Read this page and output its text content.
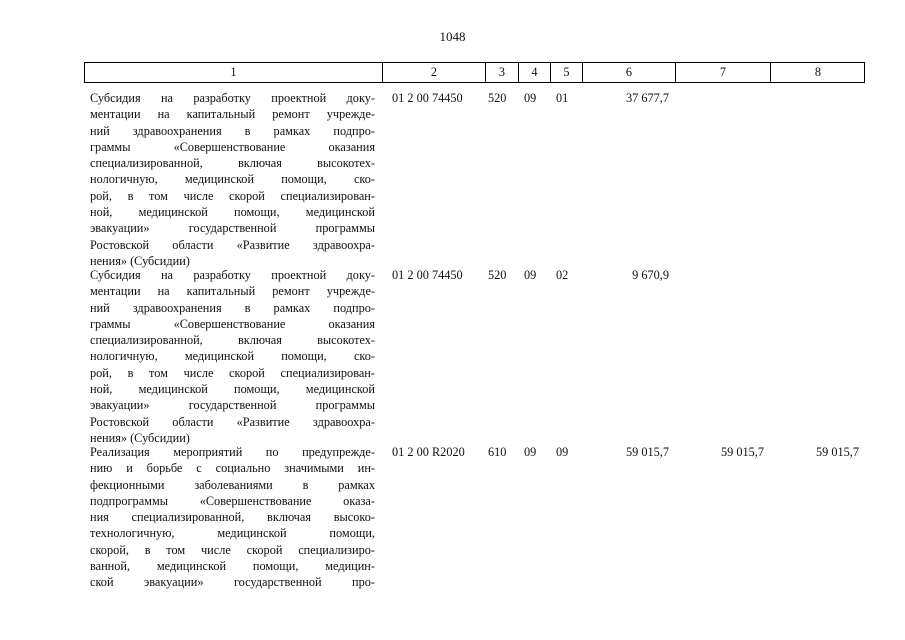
1048
1	2	3	4	5	6	7	8
Субсидия на разработку проектной доку-
ментации на капитальный ремонт учрежде-
ний здравоохранения в рамках подпро-
граммы «Совершенствование оказания
специализированной, включая высокотех-
нологичную, медицинской помощи, ско-
рой, в том числе скорой специализирован-
ной, медицинской помощи, медицинской
эвакуации» государственной программы
Ростовской области «Развитие здравоохра-
нения» (Субсидии)
01 2 00 74450	520	09	01	37 677,7
Субсидия на разработку проектной доку-
ментации на капитальный ремонт учрежде-
ний здравоохранения в рамках подпро-
граммы «Совершенствование оказания
специализированной, включая высокотех-
нологичную, медицинской помощи, ско-
рой, в том числе скорой специализирован-
ной, медицинской помощи, медицинской
эвакуации» государственной программы
Ростовской области «Развитие здравоохра-
нения» (Субсидии)
01 2 00 74450	520	09	02	9 670,9
Реализация мероприятий по предупрежде-
нию и борьбе с социально значимыми ин-
фекционными заболеваниями в рамках
подпрограммы «Совершенствование оказа-
ния специализированной, включая высоко-
технологичную, медицинской помощи,
скорой, в том числе скорой специализиро-
ванной, медицинской помощи, медицин-
ской эвакуации» государственной про-
01 2 00 R2020	610	09	09	59 015,7	59 015,7	59 015,7
